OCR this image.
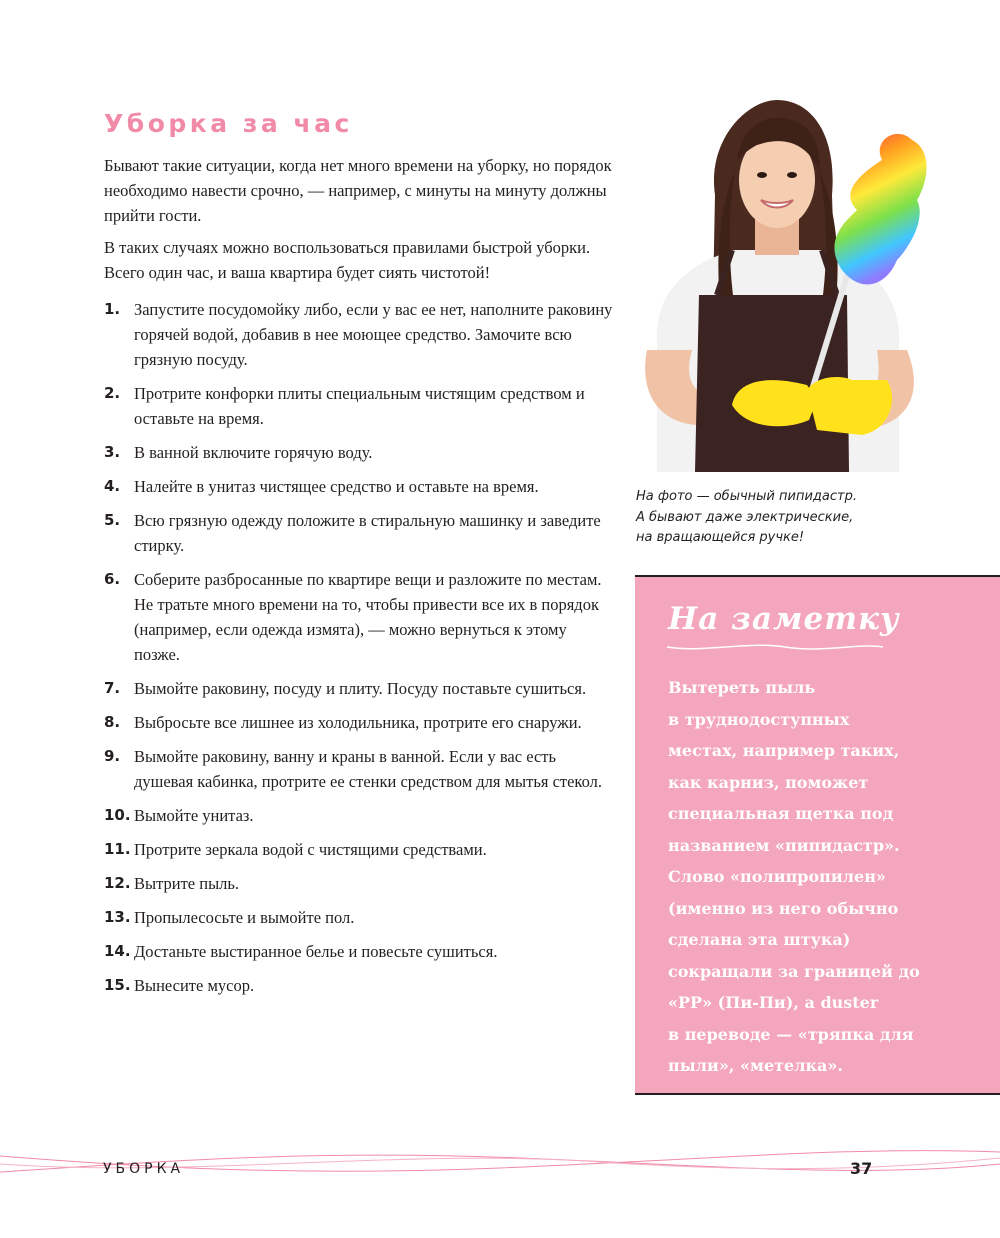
Уборка за час

Бывают такие ситуации, когда нет много времени на уборку, но порядок необходимо навести срочно, — например, с минуты на минуту должны прийти гости.

В таких случаях можно воспользоваться правилами быстрой уборки. Всего один час, и ваша квартира будет сиять чистотой!

1. Запустите посудомойку либо, если у вас ее нет, наполните раковину горячей водой, добавив в нее моющее средство. Замочите всю грязную посуду.
2. Протрите конфорки плиты специальным чистящим средством и оставьте на время.
3. В ванной включите горячую воду.
4. Налейте в унитаз чистящее средство и оставьте на время.
5. Всю грязную одежду положите в стиральную машинку и заведите стирку.
6. Соберите разбросанные по квартире вещи и разложите по местам. Не тратьте много времени на то, чтобы привести все их в порядок (например, если одежда измята), — можно вернуться к этому позже.
7. Вымойте раковину, посуду и плиту. Посуду поставьте сушиться.
8. Выбросьте все лишнее из холодильника, протрите его снаружи.
9. Вымойте раковину, ванну и краны в ванной. Если у вас есть душевая кабинка, протрите ее стенки средством для мытья стекол.
10. Вымойте унитаз.
11. Протрите зеркала водой с чистящими средствами.
12. Вытрите пыль.
13. Пропылесосьте и вымойте пол.
14. Достаньте выстиранное белье и повесьте сушиться.
15. Вынесите мусор.

На фото — обычный пипидастр.
А бывают даже электрические,
на вращающейся ручке!

На заметку

Вытереть пыль
в труднодоступных
местах, например таких,
как карниз, поможет
специальная щетка под
названием «пипидастр».
Слово «полипропилен»
(именно из него обычно
сделана эта штука)
сокращали за границей до
«PP» (Пи-Пи), а duster
в переводе — «тряпка для
пыли», «метелка».

УБОРКА	37
